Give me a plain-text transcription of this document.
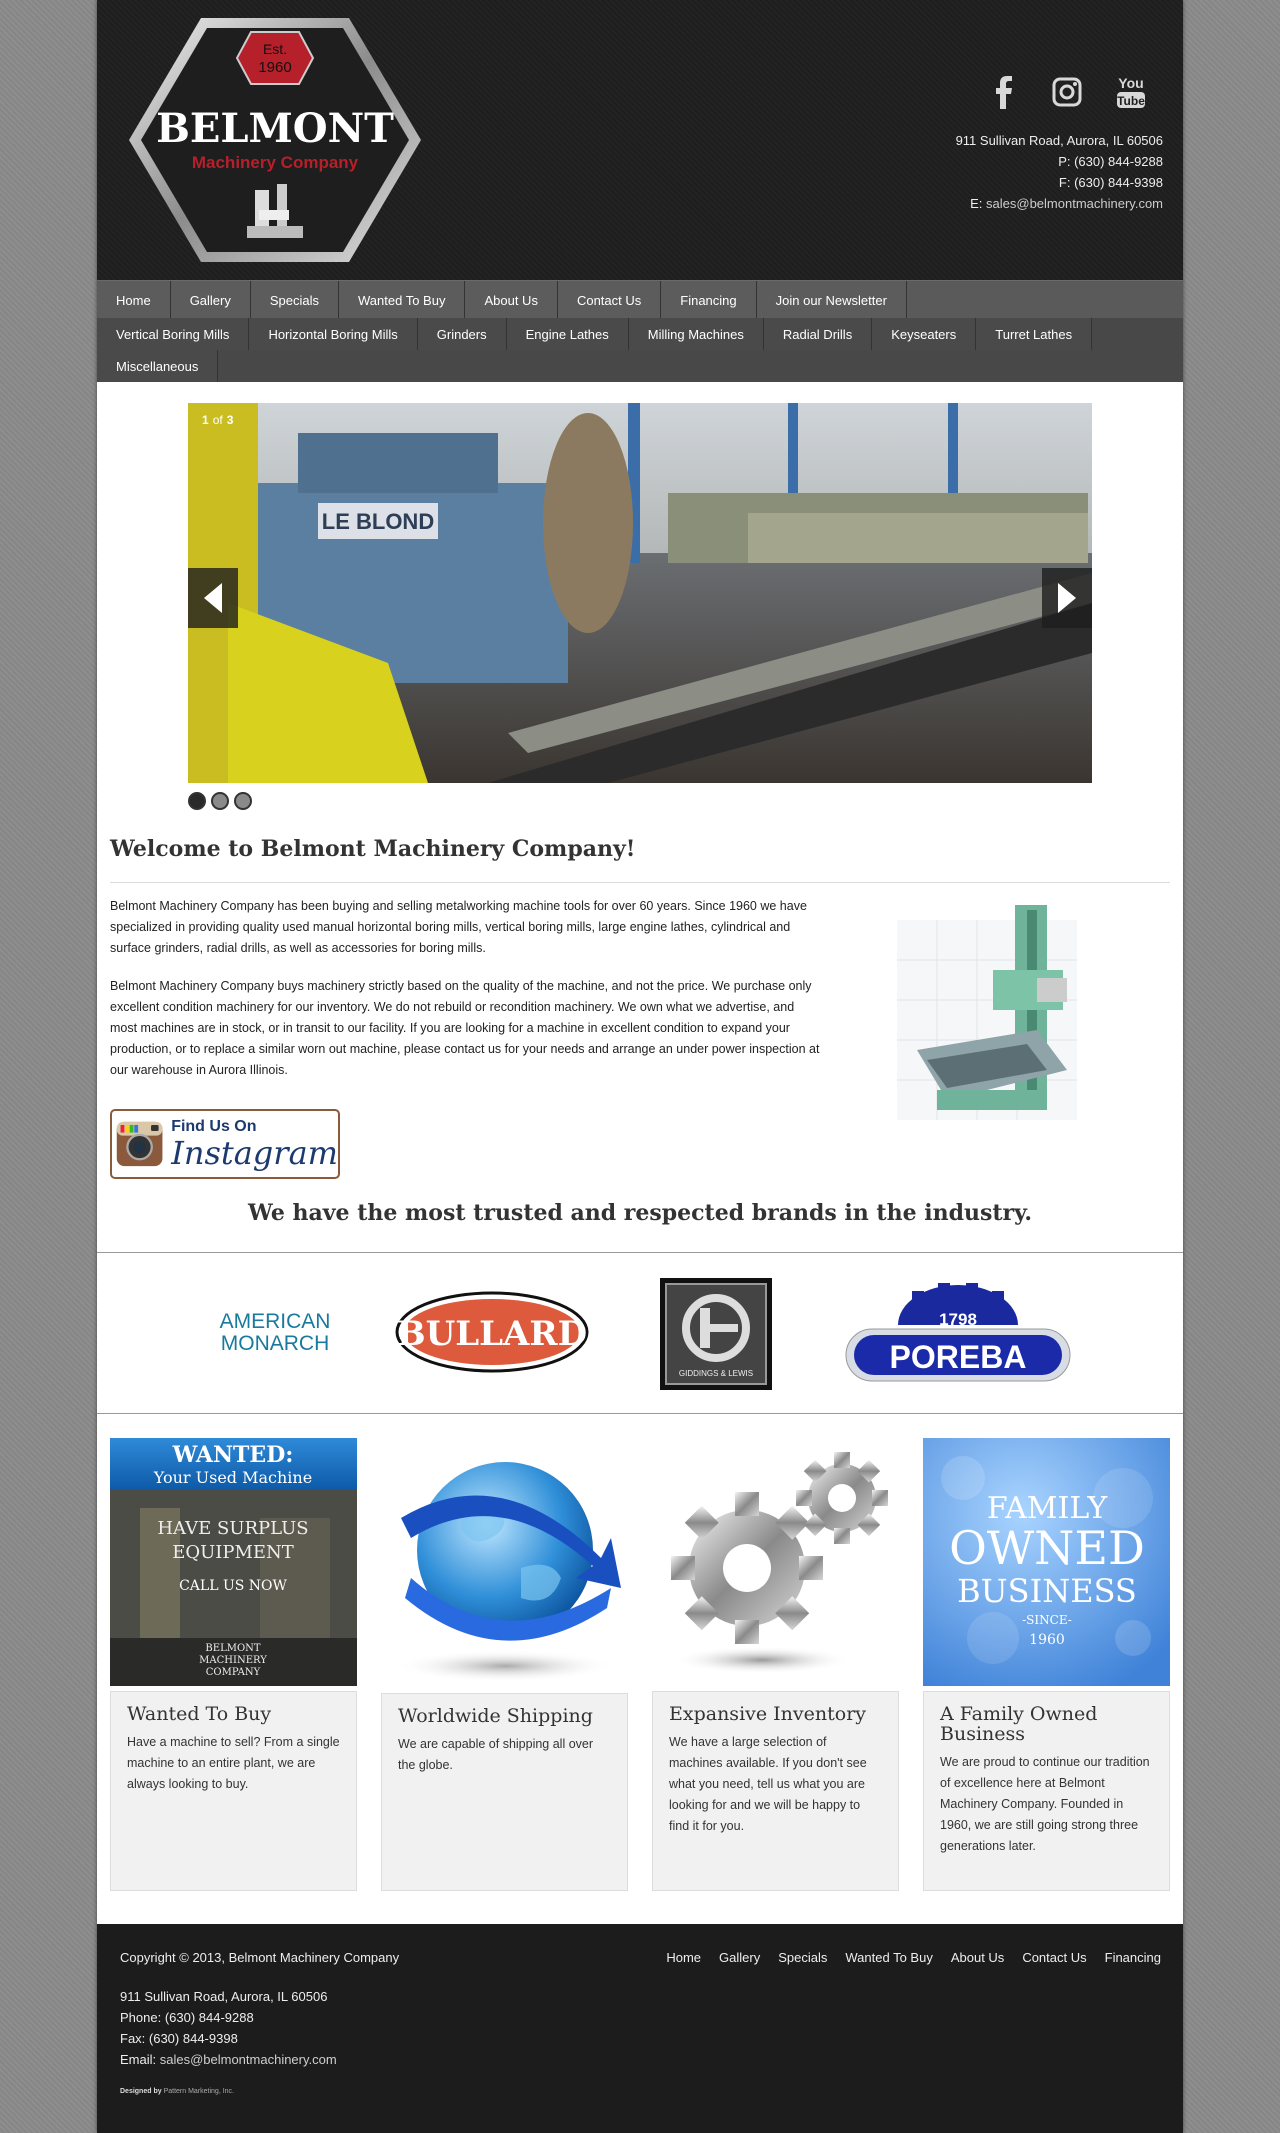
Est.
1960
BELMONT
Machinery Company
You
Tube
911 Sullivan Road, Aurora, IL 60506
P: (630) 844-9288
F: (630) 844-9398
E: sales@belmontmachinery.com
Home	Gallery	Specials	Wanted To Buy	About Us	Contact Us	Financing	Join our Newsletter
Vertical Boring Mills	Horizontal Boring Mills	Grinders	Engine Lathes	Milling Machines	Radial Drills	Keyseaters	Turret Lathes
Miscellaneous
LE BLOND
1 of 3
Welcome to Belmont Machinery Company!

Belmont Machinery Company has been buying and selling metalworking machine tools for over 60 years. Since 1960 we have specialized in providing quality used manual horizontal boring mills, vertical boring mills, large engine lathes, cylindrical and surface grinders, radial drills, as well as accessories for boring mills.

Belmont Machinery Company buys machinery strictly based on the quality of the machine, and not the price. We purchase only excellent condition machinery for our inventory. We do not rebuild or recondition machinery. We own what we advertise, and most machines are in stock, or in transit to our facility. If you are looking for a machine in excellent condition to expand your production, or to replace a similar worn out machine, please contact us for your needs and arrange an under power inspection at our warehouse in Aurora Illinois.

Find Us On
Instagram
We have the most trusted and respected brands in the industry.
AMERICAN
MONARCH BULLARD
GIDDINGS & LEWIS
1798
POREBA
WANTED:
Your Used Machine
HAVE SURPLUS
EQUIPMENT
CALL US NOW
BELMONT
MACHINERY
COMPANY
Wanted To Buy

Have a machine to sell? From a single machine to an entire plant, we are always looking to buy.

Worldwide Shipping

We are capable of shipping all over the globe.

Expansive Inventory

We have a large selection of machines available. If you don't see what you need, tell us what you are looking for and we will be happy to find it for you.

FAMILY
OWNED
BUSINESS
-SINCE-
1960
A Family Owned Business

We are proud to continue our tradition of excellence here at Belmont Machinery Company. Founded in 1960, we are still going strong three generations later.

Copyright © 2013, Belmont Machinery Company	Home Gallery Specials Wanted To Buy About Us Contact Us Financing
911 Sullivan Road, Aurora, IL 60506
Phone: (630) 844-9288
Fax: (630) 844-9398
Email: sales@belmontmachinery.com
Designed by Pattern Marketing, Inc.
